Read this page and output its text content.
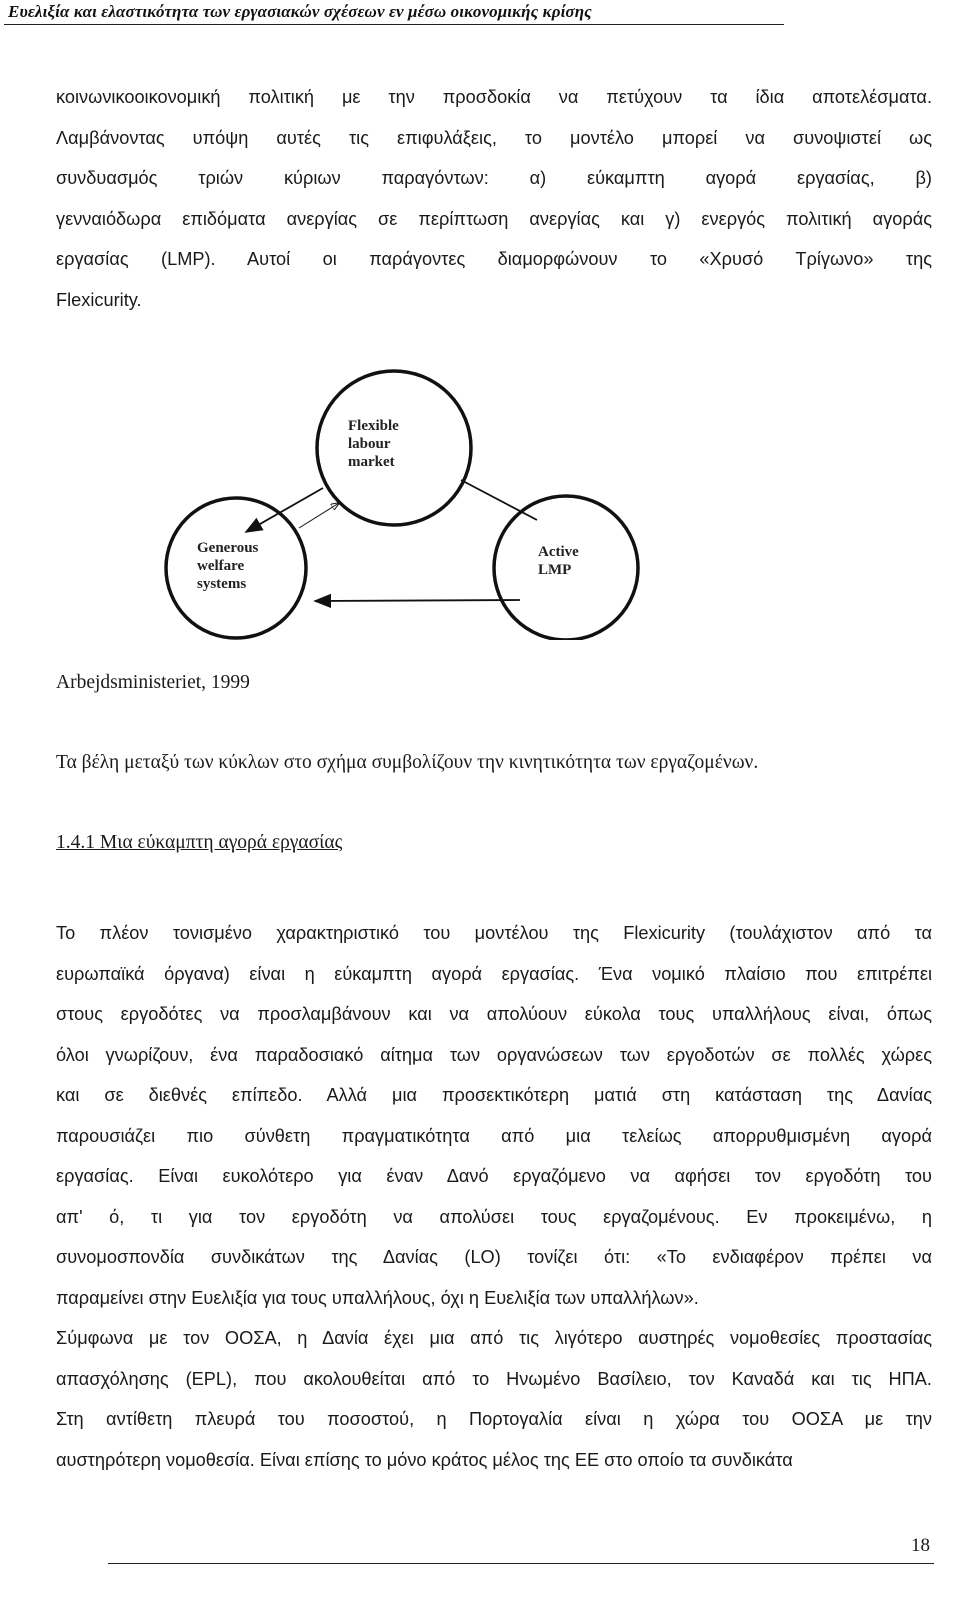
Ευελιξία και ελαστικότητα των εργασιακών σχέσεων εν μέσω οικονομικής κρίσης
κοινωνικοοικονομική πολιτική με την προσδοκία να πετύχουν τα ίδια αποτελέσματα.
Λαμβάνοντας υπόψη αυτές τις επιφυλάξεις, το μοντέλο μπορεί να συνοψιστεί ως
συνδυασμός τριών κύριων παραγόντων: α) εύκαμπτη αγορά εργασίας, β)
γενναιόδωρα επιδόματα ανεργίας σε περίπτωση ανεργίας και γ) ενεργός πολιτική αγοράς
εργασίας (LMP). Αυτοί οι παράγοντες διαμορφώνουν το «Χρυσό Τρίγωνο» της
Flexicurity.
Flexible
labour
market
Generous
welfare
systems
Active
LMP
Arbejdsministeriet, 1999
Τα βέλη μεταξύ των κύκλων στο σχήμα συμβολίζουν την κινητικότητα των εργαζομένων.
1.4.1 Μια εύκαμπτη αγορά εργασίας
Το πλέον τονισμένο χαρακτηριστικό του μοντέλου της Flexicurity (τουλάχιστον από τα
ευρωπαϊκά όργανα) είναι η εύκαμπτη αγορά εργασίας. Ένα νομικό πλαίσιο που επιτρέπει
στους εργοδότες να προσλαμβάνουν και να απολύουν εύκολα τους υπαλλήλους είναι, όπως
όλοι γνωρίζουν, ένα παραδοσιακό αίτημα των οργανώσεων των εργοδοτών σε πολλές χώρες
και σε διεθνές επίπεδο. Αλλά μια προσεκτικότερη ματιά στη κατάσταση της Δανίας
παρουσιάζει πιο σύνθετη πραγματικότητα από μια τελείως απορρυθμισμένη αγορά
εργασίας. Είναι ευκολότερο για έναν Δανό εργαζόμενο να αφήσει τον εργοδότη του
απ' ό, τι για τον εργοδότη να απολύσει τους εργαζομένους. Εν προκειμένω, η
συνομοσπονδία συνδικάτων της Δανίας (LO) τονίζει ότι: «Το ενδιαφέρον πρέπει να
παραμείνει στην Ευελιξία για τους υπαλλήλους, όχι η Ευελιξία των υπαλλήλων».
Σύμφωνα με τον ΟΟΣΑ, η Δανία έχει μια από τις λιγότερο αυστηρές νομοθεσίες προστασίας
απασχόλησης (EPL), που ακολουθείται από το Ηνωμένο Βασίλειο, τον Καναδά και τις ΗΠΑ.
Στη αντίθετη πλευρά του ποσοστού, η Πορτογαλία είναι η χώρα του ΟΟΣΑ με την
αυστηρότερη νομοθεσία. Είναι επίσης το μόνο κράτος μέλος της ΕΕ στο οποίο τα συνδικάτα
18
